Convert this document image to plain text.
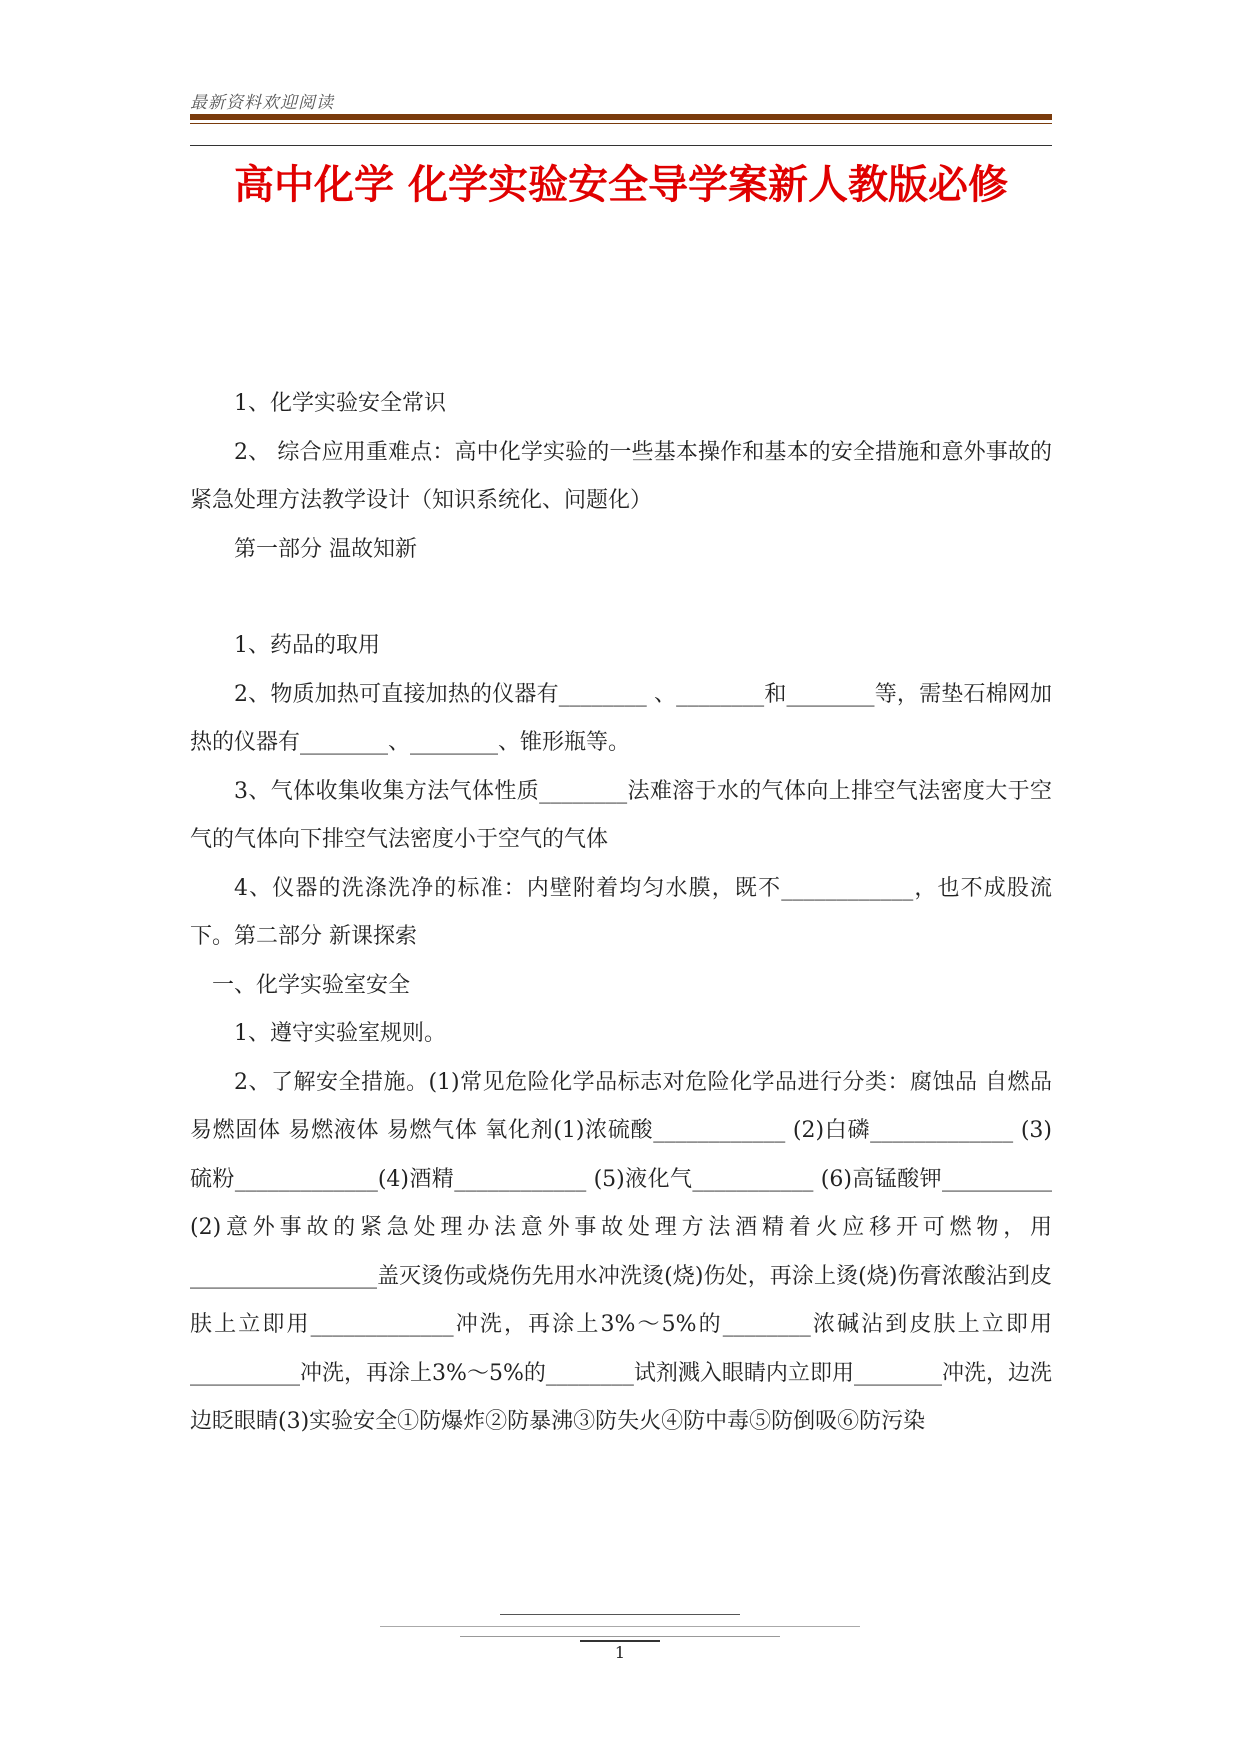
最新资料欢迎阅读
高中化学 化学实验安全导学案新人教版必修

1、化学实验安全常识

2、 综合应用重难点：高中化学实验的一些基本操作和基本的安全措施和意外事故的紧急处理方法教学设计（知识系统化、问题化）

第一部分 温故知新

1、药品的取用

2、物质加热可直接加热的仪器有________ 、________和________等，需垫石棉网加热的仪器有________、________、锥形瓶等。

3、气体收集收集方法气体性质________法难溶于水的气体向上排空气法密度大于空气的气体向下排空气法密度小于空气的气体

4、仪器的洗涤洗净的标准：内壁附着均匀水膜，既不____________，也不成股流下。第二部分 新课探索

一、化学实验室安全

1、遵守实验室规则。

2、了解安全措施。(1)常见危险化学品标志对危险化学品进行分类：腐蚀品 自燃品 易燃固体 易燃液体 易燃气体 氧化剂(1)浓硫酸____________ (2)白磷_____________ (3)硫粉_____________(4)酒精____________ (5)液化气___________ (6)高锰酸钾__________ (2)意外事故的紧急处理办法意外事故处理方法酒精着火应移开可燃物，用_________________盖灭烫伤或烧伤先用水冲洗烫(烧)伤处，再涂上烫(烧)伤膏浓酸沾到皮肤上立即用_____________冲洗，再涂上3%～5%的________浓碱沾到皮肤上立即用__________冲洗，再涂上3%～5%的________试剂溅入眼睛内立即用________冲洗，边洗边眨眼睛(3)实验安全①防爆炸②防暴沸③防失火④防中毒⑤防倒吸⑥防污染

1
